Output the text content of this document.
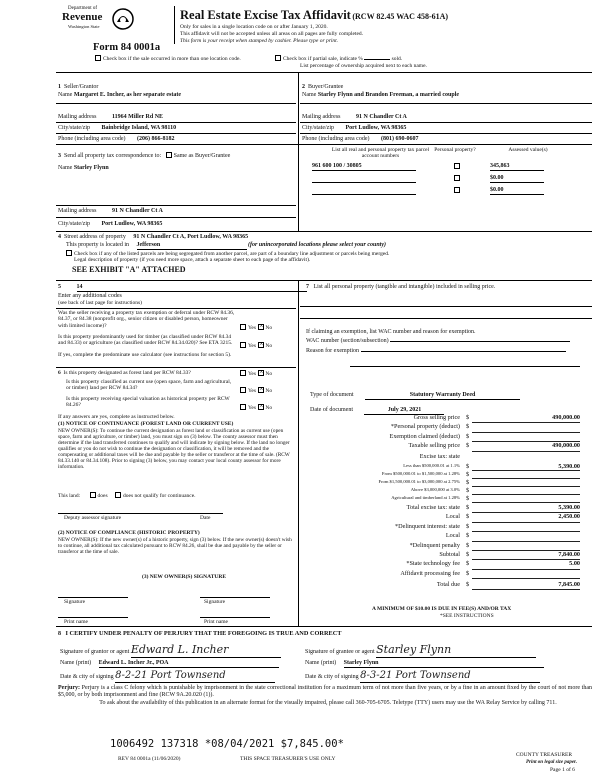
Department of
Revenue
Washington State
Form 84 0001a
Real Estate Excise Tax Affidavit (RCW 82.45 WAC 458-61A)
Only for sales in a single location code on or after January 1, 2020.
This affidavit will not be accepted unless all areas on all pages are fully completed.
This form is your receipt when stamped by cashier. Please type or print.
Check box if the sale occurred in more than one location code.	Check box if partial sale, indicate %	sold.
List percentage of ownership acquired next to each name.
1 Seller/Grantor
Name Margaret E. Incher, as her separate estate
Mailing address	11964 Miller Rd NE
City/state/zip Bainbridge Island, WA 98110
Phone (including area code) (206) 866-8182
2 Buyer/Grantee
Name Starley Flynn and Brandon Freeman, a married couple
Mailing address	91 N Chandler Ct A
City/state/zip Port Ludlow, WA 98365
Phone (including area code) (801) 690-0607
3 Send all property tax correspondence to: Same as Buyer/Grantee
Name Starley Flynn
Mailing address	91 N Chandler Ct A
City/state/zip Port Ludlow, WA 98365
List all real and personal property tax parcel account numbers
Personal property?	Assessed value(s)
961 600 100 / 30805	345,863
$0.00
$0.00
4 Street address of property 91 N Chandler Ct A, Port Ludlow, WA 98365
This property is located in Jefferson	(for unincorporated locations please select your county)
Check box if any of the listed parcels are being segregated from another parcel, are part of a boundary line adjustment or parcels being merged.
Legal description of property (if you need more space, attach a separate sheet to each page of the affidavit).
SEE EXHIBIT "A" ATTACHED
5	14
Enter any additional codes
(see back of last page for instructions)
Was the seller receiving a property tax exemption or deferral under RCW 84.36, 84.37, or 84.38 (nonprofit org., senior citizen or disabled person, homeowner with limited income)?	Yes × No
Is this property predominantly used for timber (as classified under RCW 84.34 and 84.33) or agriculture (as classified under RCW 84.34.020)? See ETA 3215.	Yes × No
If yes, complete the predominate use calculator (see instructions for section 5).
6 Is this property designated as forest land per RCW 84.33?	Yes × No
Is this property classified as current use (open space, farm and agricultural, or timber) land per RCW 84.34?	Yes × No
Is this property receiving special valuation as historical property per RCW 84.26?	Yes × No
If any answers are yes, complete as instructed below.
(1) NOTICE OF CONTINUANCE (FOREST LAND OR CURRENT USE)
NEW OWNER(S): To continue the current designation as forest land or classification as current use (open space, farm and agriculture, or timber) land, you must sign on (3) below. The county assessor must then determine if the land transferred continues to qualify and will indicate by signing below. If the land no longer qualifies or you do not wish to continue the designation or classification, it will be removed and the compensating or additional taxes will be due and payable by the seller or transferor at the time of sale. (RCW 84.33.140 or 84.34.108). Prior to signing (3) below, you may contact your local county assessor for more information.
This land:	does	does not qualify for continuance.
Deputy assessor signature	Date
(2) NOTICE OF COMPLIANCE (HISTORIC PROPERTY)
NEW OWNER(S): If the new owner(s) of a historic property, sign (3) below. If the new owner(s) doesn't wish to continue, all additional tax calculated pursuant to RCW 84.26, shall be due and payable by the seller or transferor at the time of sale.
(3) NEW OWNER(S) SIGNATURE
Signature	Signature
Print name	Print name
7 List all personal property (tangible and intangible) included in selling price.
If claiming an exemption, list WAC number and reason for exemption.
WAC number (section/subsection)
Reason for exemption
Type of document	Statutory Warranty Deed
Date of document	July 29, 2021
Gross selling price $	490,000.00
*Personal property (deduct) $
Exemption claimed (deduct) $
Taxable selling price $	490,000.00
Excise tax: state
Less than $500,000.01 at 1.1% $	5,390.00
From $500,000.01 to $1,500,000 at 1.28% $
From $1,500,000.01 to $3,000,000 at 2.75% $
Above $3,000,000 at 3.0% $
Agricultural and timberland at 1.28% $
Total excise tax: state $	5,390.00
Local $	2,450.00
*Delinquent interest: state $
Local $
*Delinquent penalty $
Subtotal $	7,840.00
*State technology fee $	5.00
Affidavit processing fee $
Total due $	7,845.00
A MINIMUM OF $10.00 IS DUE IN FEE(S) AND/OR TAX
*SEE INSTRUCTIONS
8 I CERTIFY UNDER PENALTY OF PERJURY THAT THE FOREGOING IS TRUE AND CORRECT
Signature of grantor or agent Edward L. Incher
Name (print) Edward L. Incher Jr., POA
Date & city of signing 8-2-21 Port Townsend
Signature of grantee or agent Starley Flynn
Name (print) Starley Flynn
Date & city of signing 8-3-21 Port Townsend
Perjury: Perjury is a class C felony which is punishable by imprisonment in the state correctional institution for a maximum term of not more than five years, or by a fine in an amount fixed by the court of not more than $5,000, or by both imprisonment and fine (RCW 9A.20.020 (1)).
To ask about the availability of this publication in an alternate format for the visually impaired, please call 360-705-6705. Teletype (TTY) users may use the WA Relay Service by calling 711.
1006492 137318 *08/04/2021 $7,845.00*
REV 84 0001a (11/06/2020)	THIS SPACE TREASURER'S USE ONLY
COUNTY TREASURER
Print on legal size paper.
Page 1 of 6
